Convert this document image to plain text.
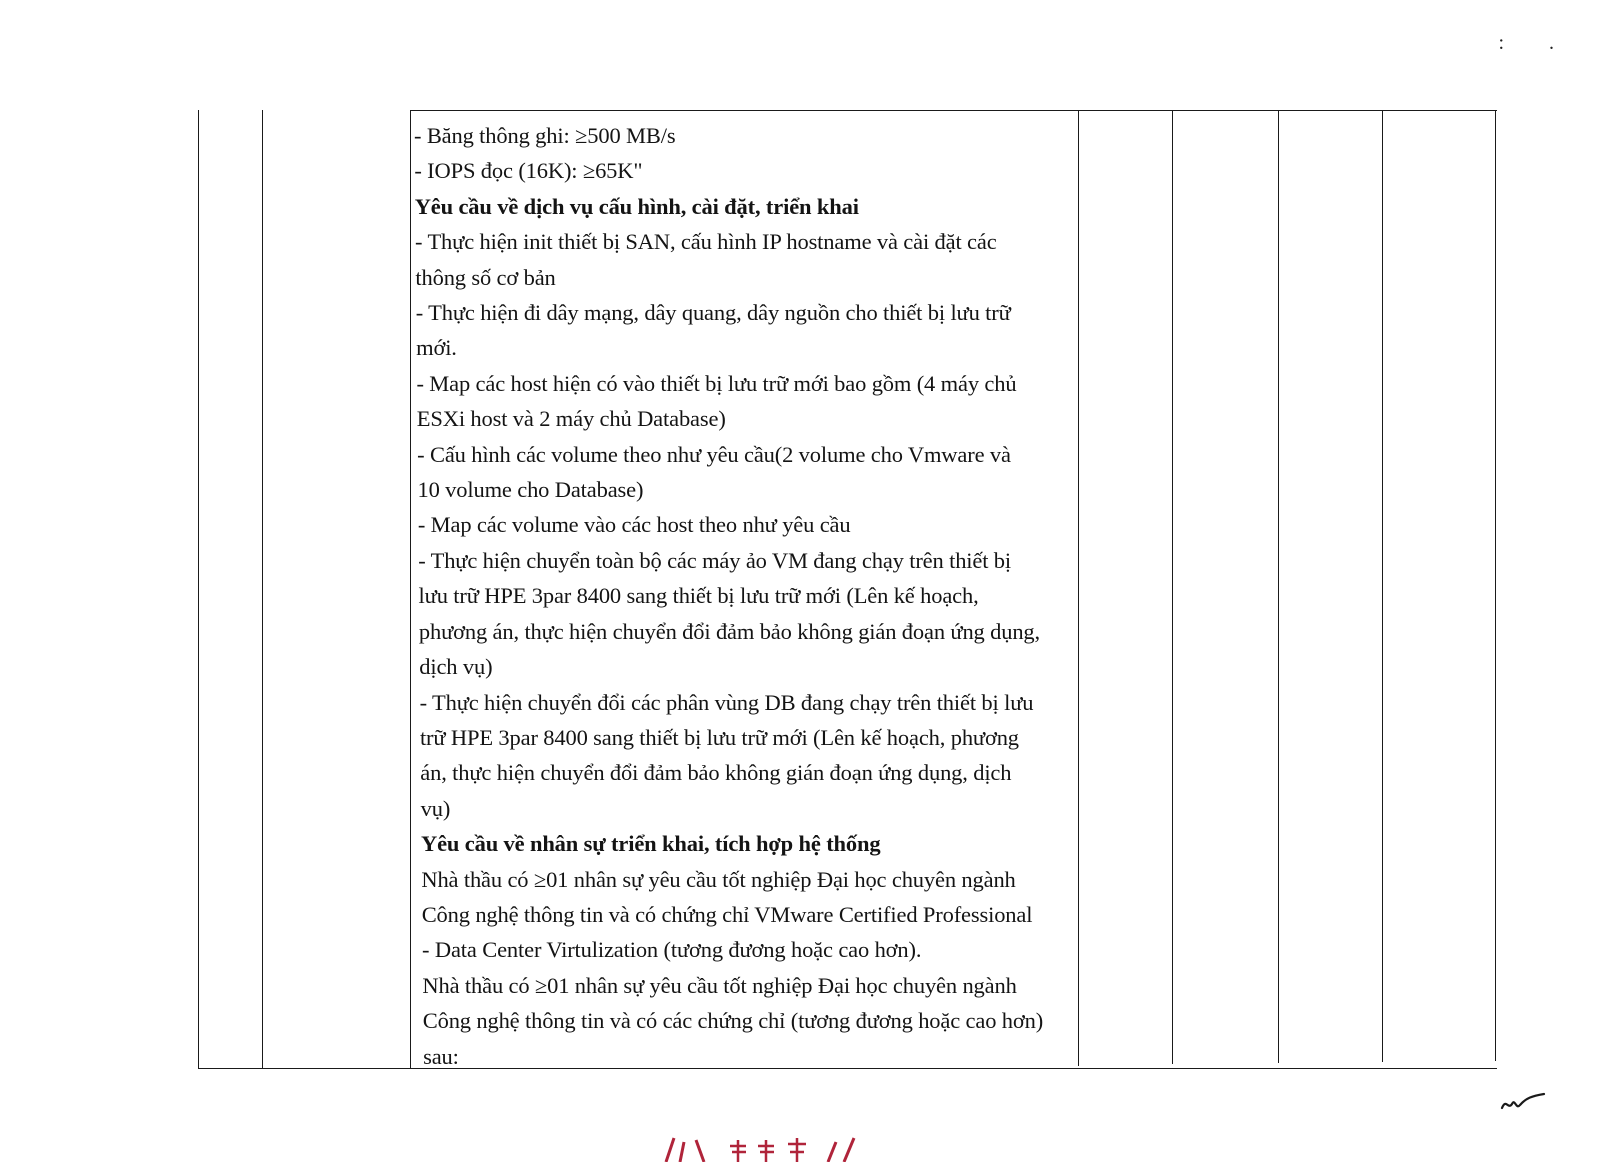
: .

- Băng thông ghi: ≥500 MB/s

- IOPS đọc (16K): ≥65K"

Yêu cầu về dịch vụ cấu hình, cài đặt, triển khai

- Thực hiện init thiết bị SAN, cấu hình IP hostname và cài đặt các

thông số cơ bản

- Thực hiện đi dây mạng, dây quang, dây nguồn cho thiết bị lưu trữ

mới.

- Map các host hiện có vào thiết bị lưu trữ mới bao gồm (4 máy chủ

ESXi host và 2 máy chủ Database)

- Cấu hình các volume theo như yêu cầu(2 volume cho Vmware và

10 volume cho Database)

- Map các volume vào các host theo như yêu cầu

- Thực hiện chuyển toàn bộ các máy ảo VM đang chạy trên thiết bị

lưu trữ HPE 3par 8400 sang thiết bị lưu trữ mới (Lên kế hoạch,

phương án, thực hiện chuyển đổi đảm bảo không gián đoạn ứng dụng,

dịch vụ)

- Thực hiện chuyển đổi các phân vùng DB đang chạy trên thiết bị lưu

trữ HPE 3par 8400 sang thiết bị lưu trữ mới (Lên kế hoạch, phương

án, thực hiện chuyển đổi đảm bảo không gián đoạn ứng dụng, dịch

vụ)

Yêu cầu về nhân sự triển khai, tích hợp hệ thống

Nhà thầu có ≥01 nhân sự yêu cầu tốt nghiệp Đại học chuyên ngành

Công nghệ thông tin và có chứng chỉ VMware Certified Professional

- Data Center Virtulization (tương đương hoặc cao hơn).

Nhà thầu có ≥01 nhân sự yêu cầu tốt nghiệp Đại học chuyên ngành

Công nghệ thông tin và có các chứng chỉ (tương đương hoặc cao hơn)

sau:
